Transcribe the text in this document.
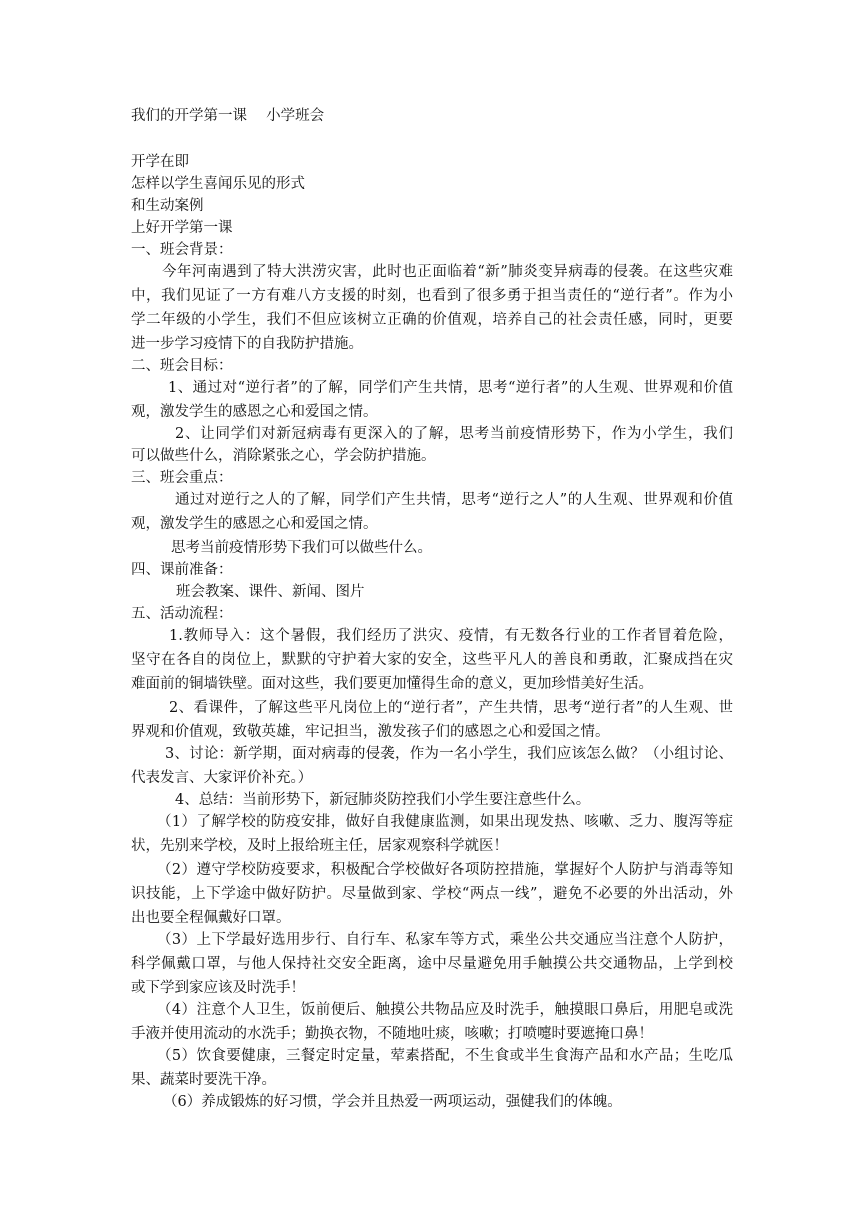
我们的开学第一课　 小学班会
开学在即
怎样以学生喜闻乐见的形式
和生动案例
上好开学第一课
一、班会背景：
今年河南遇到了特大洪涝灾害，此时也正面临着“新”肺炎变异病毒的侵袭。在这些灾难
中，我们见证了一方有难八方支援的时刻，也看到了很多勇于担当责任的“逆行者”。作为小
学二年级的小学生，我们不但应该树立正确的价值观，培养自己的社会责任感，同时，更要
进一步学习疫情下的自我防护措施。
二、班会目标：
1、通过对“逆行者”的了解，同学们产生共情，思考“逆行者”的人生观、世界观和价值
观，激发学生的感恩之心和爱国之情。
2、让同学们对新冠病毒有更深入的了解，思考当前疫情形势下，作为小学生，我们
可以做些什么，消除紧张之心，学会防护措施。
三、班会重点：
通过对逆行之人的了解，同学们产生共情，思考“逆行之人”的人生观、世界观和价值
观，激发学生的感恩之心和爱国之情。
思考当前疫情形势下我们可以做些什么。
四、课前准备：
班会教案、课件、新闻、图片
五、活动流程：
1.教师导入：这个暑假，我们经历了洪灾、疫情，有无数各行业的工作者冒着危险，
坚守在各自的岗位上，默默的守护着大家的安全，这些平凡人的善良和勇敢，汇聚成挡在灾
难面前的铜墙铁壁。面对这些，我们要更加懂得生命的意义，更加珍惜美好生活。
2、看课件，了解这些平凡岗位上的“逆行者”，产生共情，思考“逆行者”的人生观、世
界观和价值观，致敬英雄，牢记担当，激发孩子们的感恩之心和爱国之情。
3、讨论：新学期，面对病毒的侵袭，作为一名小学生，我们应该怎么做？（小组讨论、
代表发言、大家评价补充。）
4、总结：当前形势下，新冠肺炎防控我们小学生要注意些什么。
（1）了解学校的防疫安排，做好自我健康监测，如果出现发热、咳嗽、乏力、腹泻等症
状，先别来学校，及时上报给班主任，居家观察科学就医！
（2）遵守学校防疫要求，积极配合学校做好各项防控措施，掌握好个人防护与消毒等知
识技能，上下学途中做好防护。尽量做到家、学校“两点一线”，避免不必要的外出活动，外
出也要全程佩戴好口罩。
（3）上下学最好选用步行、自行车、私家车等方式，乘坐公共交通应当注意个人防护，
科学佩戴口罩，与他人保持社交安全距离，途中尽量避免用手触摸公共交通物品，上学到校
或下学到家应该及时洗手！
（4）注意个人卫生，饭前便后、触摸公共物品应及时洗手，触摸眼口鼻后，用肥皂或洗
手液并使用流动的水洗手；勤换衣物，不随地吐痰，咳嗽；打喷嚏时要遮掩口鼻！
（5）饮食要健康，三餐定时定量，荤素搭配，不生食或半生食海产品和水产品；生吃瓜
果、蔬菜时要洗干净。
（6）养成锻炼的好习惯，学会并且热爱一两项运动，强健我们的体魄。
